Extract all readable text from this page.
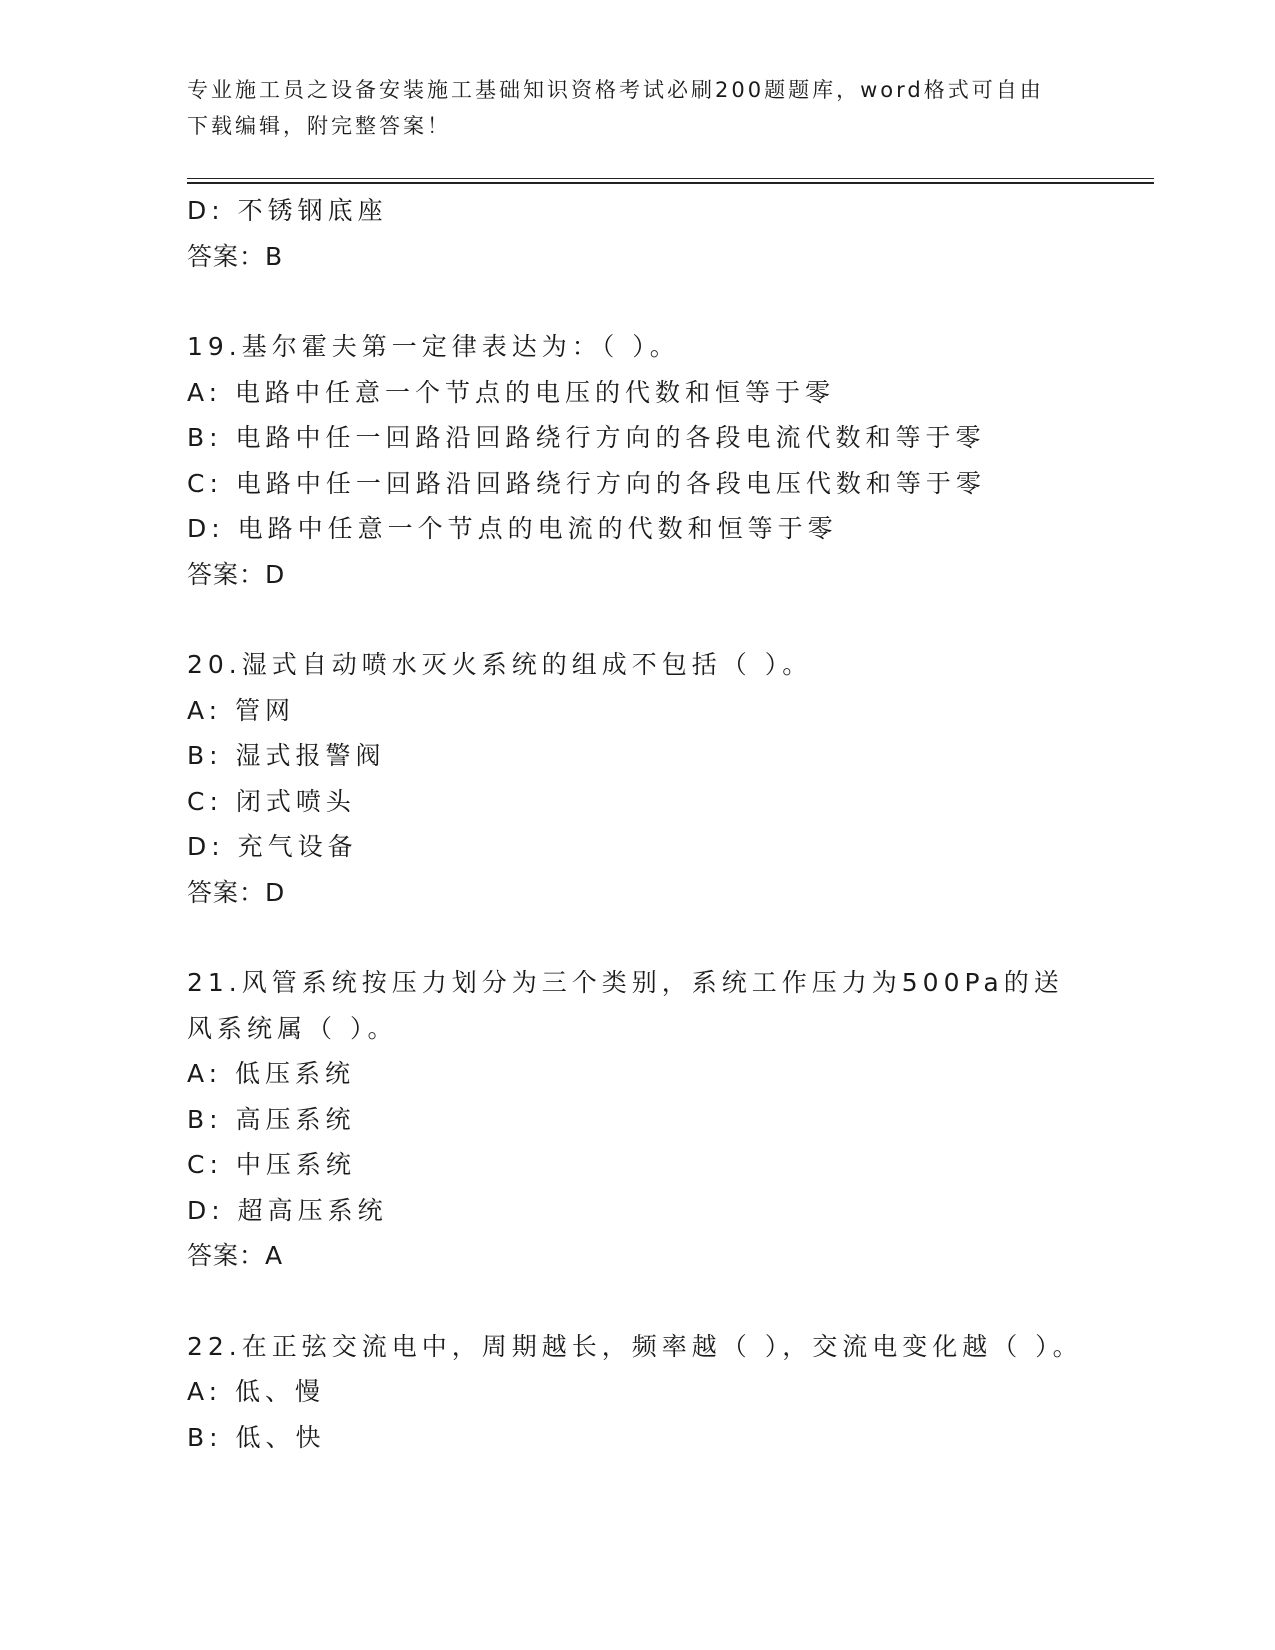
专业施工员之设备安装施工基础知识资格考试必刷200题题库，word格式可自由下载编辑，附完整答案！

D: 不锈钢底座

答案：B

19.基尔霍夫第一定律表达为：（ ）。

A: 电路中任意一个节点的电压的代数和恒等于零

B: 电路中任一回路沿回路绕行方向的各段电流代数和等于零

C: 电路中任一回路沿回路绕行方向的各段电压代数和等于零

D: 电路中任意一个节点的电流的代数和恒等于零

答案：D

20.湿式自动喷水灭火系统的组成不包括（ ）。

A: 管网

B: 湿式报警阀

C: 闭式喷头

D: 充气设备

答案：D

21.风管系统按压力划分为三个类别，系统工作压力为500Pa的送风系统属（ ）。

A: 低压系统

B: 高压系统

C: 中压系统

D: 超高压系统

答案：A

22.在正弦交流电中，周期越长，频率越（ ），交流电变化越（ ）。

A: 低、慢

B: 低、快
